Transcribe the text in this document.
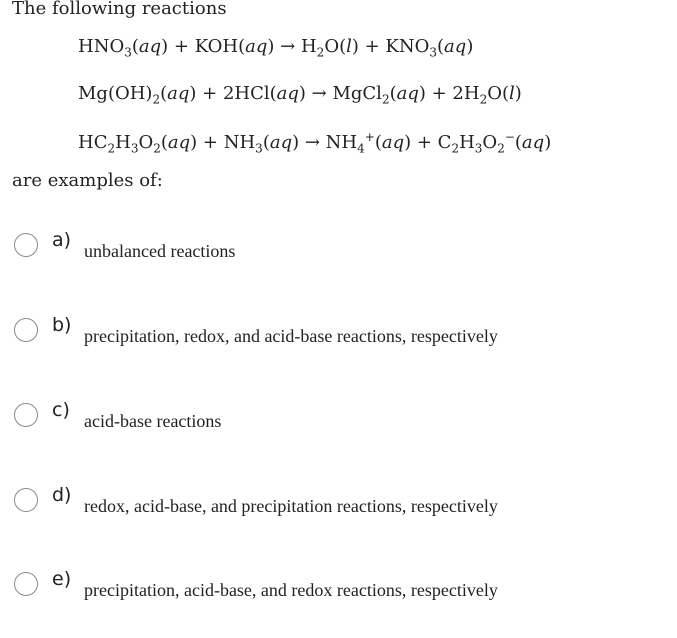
The following reactions
$HNO_3(aq) + KOH(aq) \to H_2O(l) + KNO_3(aq)$
$Mg(OH)_2(aq) + 2HCl(aq)$ → MgCl$_2$(aq) + $2H_2O(l)$
$HC_2H_3O_2(aq) + NH_3(aq) \to NH_4^+(aq) + C_2H_3O_2^-(aq)$
are examples of:
a) unbalanced reactions
b) precipitation, redox, and acid-base reactions, respectively
c) acid-base reactions
d) redox, acid-base, and precipitation reactions, respectively
e) precipitation, acid-base, and redox reactions, respectively
